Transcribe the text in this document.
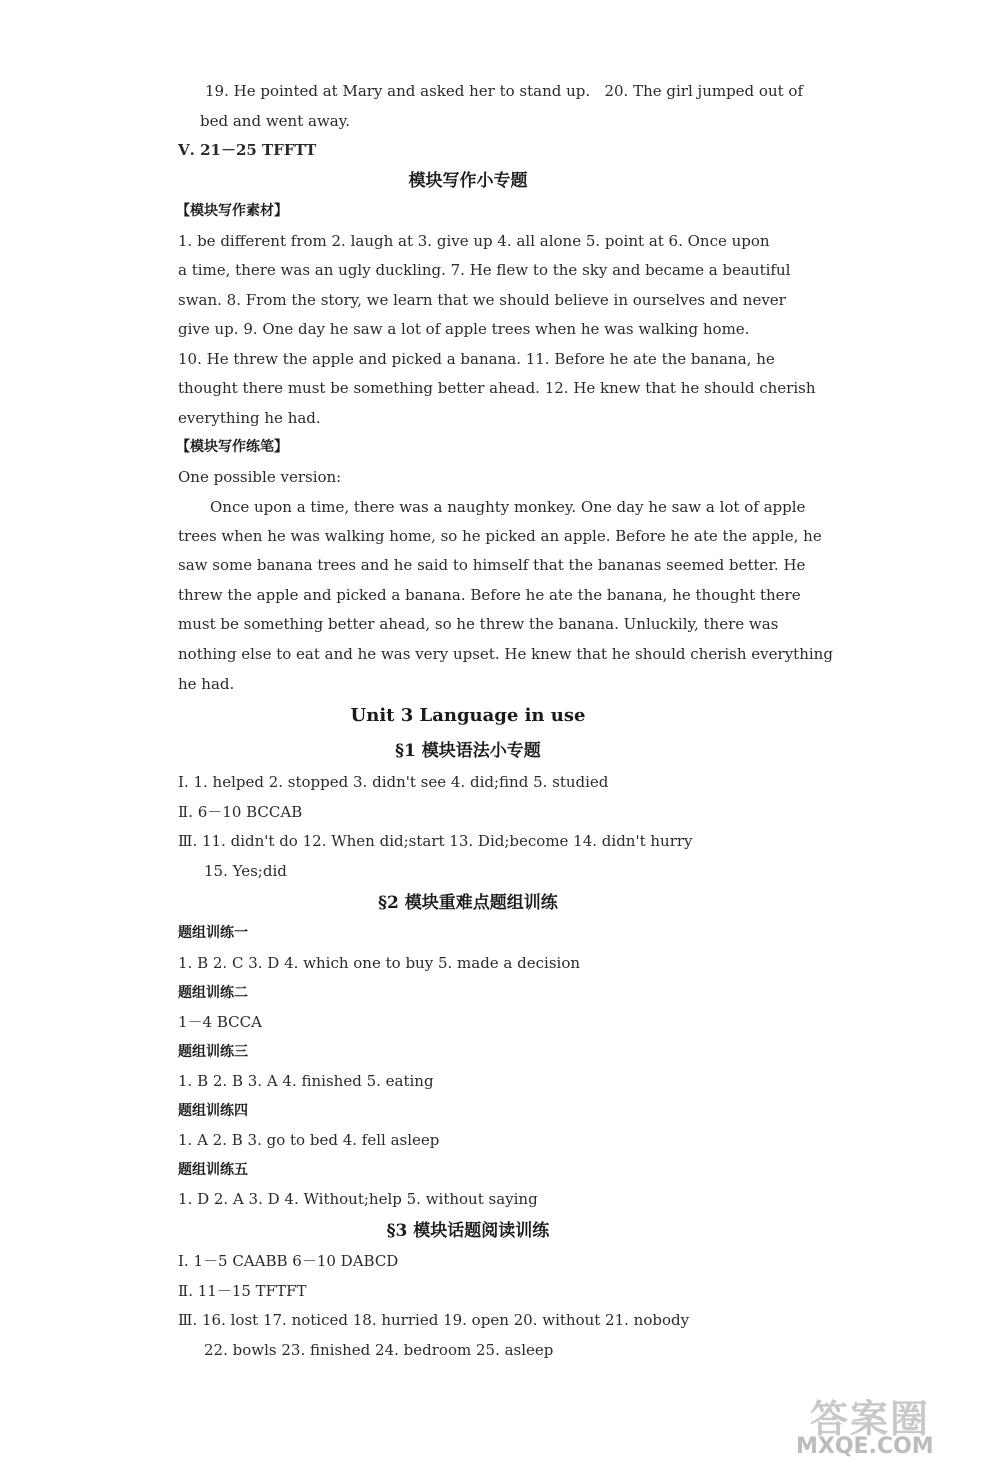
19. He pointed at Mary and asked her to stand up. 20. The girl jumped out of
bed and went away.
Ⅴ. 21－25 TFFTT
模块写作小专题
【模块写作素材】
1. be different from 2. laugh at 3. give up 4. all alone 5. point at 6. Once upon
a time, there was an ugly duckling. 7. He flew to the sky and became a beautiful
swan. 8. From the story, we learn that we should believe in ourselves and never
give up. 9. One day he saw a lot of apple trees when he was walking home.
10. He threw the apple and picked a banana. 11. Before he ate the banana, he
thought there must be something better ahead. 12. He knew that he should cherish
everything he had.
【模块写作练笔】
One possible version:
Once upon a time, there was a naughty monkey. One day he saw a lot of apple
trees when he was walking home, so he picked an apple. Before he ate the apple, he
saw some banana trees and he said to himself that the bananas seemed better. He
threw the apple and picked a banana. Before he ate the banana, he thought there
must be something better ahead, so he threw the banana. Unluckily, there was
nothing else to eat and he was very upset. He knew that he should cherish everything
he had.
Unit 3 Language in use
§1 模块语法小专题
Ⅰ. 1. helped 2. stopped 3. didn't see 4. did;find 5. studied
Ⅱ. 6－10 BCCAB
Ⅲ. 11. didn't do 12. When did;start 13. Did;become 14. didn't hurry
15. Yes;did
§2 模块重难点题组训练
题组训练一
1. B 2. C 3. D 4. which one to buy 5. made a decision
题组训练二
1－4 BCCA
题组训练三
1. B 2. B 3. A 4. finished 5. eating
题组训练四
1. A 2. B 3. go to bed 4. fell asleep
题组训练五
1. D 2. A 3. D 4. Without;help 5. without saying
§3 模块话题阅读训练
Ⅰ. 1－5 CAABB 6－10 DABCD
Ⅱ. 11－15 TFTFT
Ⅲ. 16. lost 17. noticed 18. hurried 19. open 20. without 21. nobody
22. bowls 23. finished 24. bedroom 25. asleep
答案圈
MXQE.COM
